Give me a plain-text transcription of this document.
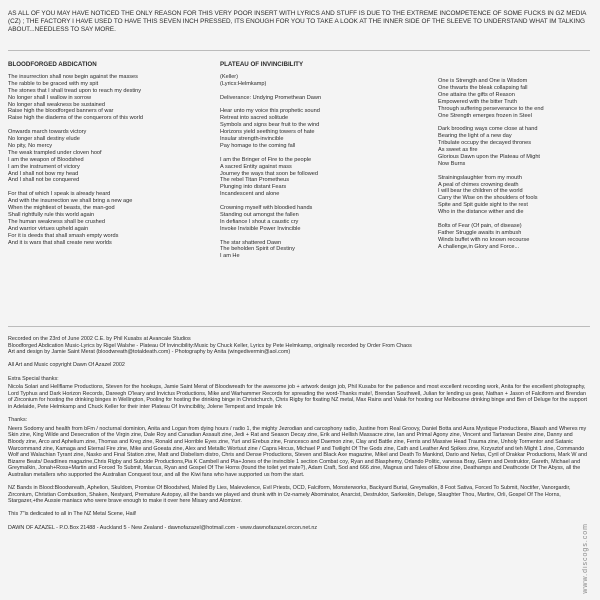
AS ALL OF YOU MAY HAVE NOTICED THE ONLY REASON FOR THIS VERY POOR INSERT WITH LYRICS AND STUFF IS DUE TO THE EXTREME INCOMPETENCE OF SOME FUCKS IN GZ MEDIA (CZ) ; THE FACTORY I HAVE USED TO HAVE THIS SEVEN INCH PRESSED, ITS ENOUGH FOR YOU TO TAKE A LOOK AT THE INNER SIDE OF THE SLEEVE TO UNDERSTAND WHAT IM TALKING ABOUT...NEEDLESS TO SAY MORE.
BLOODFORGED ABDICATION
The insurrection shall now begin against the masses
The rabble to be graced with my spit
The stones that I shall tread upon to reach my destiny
No longer shall I wallow in sorrow
No longer shall weakness be sustained
Raise high the bloodforged banners of war
Raise high the diadems of the conquerors of this world
Onwards march towards victory
No longer shall destiny elude
No pity, No mercy
The weak trampled under cloven hoof
I am the weapon of Bloodshed
I am the instrument of victory
And I shall not bow my head
And I shall not be conquered
For that of which I speak is already heard
And with the insurrection we shall bring a new age
When the mightiest of beasts, the man-god
Shall rightfully rule this world again
The human weakness shall be crushed
And warrior virtues upheld again
For it is deeds that shall smash empty words
And it is wars that shall create new worlds
PLATEAU OF INVINCIBILITY
(Keller)
(Lyrics:Helmkamp)
Deliverance: Undying Promethean Dawn
Hear unto my voice this prophetic sound
Retreat into sacred solitude
Symbols and signs bear fruit to the wind
Horizons yield seething towers of hate
Insular strength-invincible
Pay homage to the coming fall
I am the Bringer of Fire to the people
A sacred Entity against mass
Journey the ways that soon be followed
The rebel Titan Prometheus
Plunging into distant Fears
Incandescent and alone
Crowning myself with bloodied hands
Standing out amongst the fallen
In defiance I shout a caustic cry
Invoke Invisible Power Invincible
The star shattered Dawn
The beholden Spirit of Destiny
I am He
One is Strength and One is Wisdom
One thwarts the bleak collapsing fall
One attains the gifts of Reason
Empowered with the bitter Truth
Through suffering perseverance to the end
One Strength emerges frozen in Steel
Dark brooding ways come close at hand
Bearing the light of a new day
Tribulate occupy the decayed thrones
As sweet as fire
Glorious Dawn upon the Plateau of Might
Now Burns
Strainingslaughter from my mouth
A peal of chimes crowning death
I will bear the children of the world
Carry the Wise on the shoulders of fools
Spite and Spit guide sight to the rest
Who in the distance wither and die
Bolts of Fear (Of pain, of disease)
Father Struggle awaits in ambush
Winds buffet with no known recourse
A challenge,in Glory and Force...
Recorded on the 23rd of June 2002 C.E. by Phil Kusabs at Avancale Studios
Bloodforged Abdication Music-Lyrics by Rigel Walshe - Plateau Of Invincibility:Music by Chuck Keller, Lyrics by Pete Helmkamp, originally recorded by Order From Chaos
Art and design by Jamie Saint Merat (bloodwreath@totaldeath.com) - Photography by Anita (wingedivermin@aol.com)
All Art and Music copyright Dawn Of Azazel 2002
Extra Special thanks:
Nicola Solari and Hellflame Productions, Steven for the hookups, Jamie Saint Merat of Bloodwreath for the awesome job + artwork design job, Phil Kusabs for the patience and most excellent recording work, Anita for the excellent photography, Lord Typhus and Dark Horizon Records, Dareegh O'leary and Invictus Productions, Mike and Warhammer Records for spreading the word-Thanks mate!, Brendan Southwell, Julian for lending us gear, Nathan + Jason of Falciform and Brendan of Zirconium for hosting the drinking binges in Wellington, Pooling for hosting the drinking binge in Christchurch, Chris Rigby for fixating NZ metal, Max Rains and Valak for hosting our Melbourne drinking binge and Ben of Deluge for the support in Adelaide, Pete Helmkamp and Chuck Keller for their inter Plateau Of Invincibility, Jolene Tempest and Impale Ink
Thanks:
Neers Sodomy and health from bFm / nocturnal dominion, Anita and Logan from dying hours / radio 1, the mighty Jezrodian and carcophony radio, Justine from Real Groovy, Daniel Botta and Aura Mystique Productions, Blaash and Wheres my Skin zine, King Wilde and Desecration of the Virgin zine, Dale Roy and Canadian Assault zine, Jedi + Rat and Season Decay zine, Erik and Hellish Massacre zine, Ian and Primal Agony zine, Vincent and Tartarean Desire zine, Danny and Bloody zine, Arco and Aphelium zine, Thomas and Kreg zine, Ronald and Horrible Eyes zine, Yuri and Erebus zine, Francesco and Daemon zine, Clay and Battle zine, Ferris and Massive Head Trauma zine, Unholy Tormentor and Satanic Warcommand zine, Kamaga and Eternal Fire zine, Mike and Goeata zine, Alex and Metallic Wortuut zine / Capra Hircus, Michael P and Twilight Of The Gods zine, Cath and Leather And Spikes zine, Krzysztof and teh Might 1 zine, Commando Wolf and Walachian Tyrant zine, Nasko and Final Station zine, Matt and Disbelism distro, Chris and Dense Productions, Steven and Black Axe magazine, Mikel and Death To Mankind, Dario and Nefas, Cyril of Drakkar Productions, Mark W and Bizarre Beats/ Deadlines magazine,Chris Rigby and Subcide Productions,Pia K Cambell and Pia+Jones of the invincible 1 section Combat coy, Ryan and Blasphemy, Orlando Politic, vanessa Bray, Glenn and Destruktor, Gareth, Michael and Greymalkin, Jonah+Ross+Martin and Forced To Submit, Marcus, Ryan and Gospel Of The Horns (found the toilet yet mate?), Adam Craft, Sod and 666 zine, Magnus and Tales of Elbow zine, Deathamps and Deathcode Of The Abyss, all the Australian metallers who supported the Australian Conquest tour, and all the Kiwi fans who have supported us from the start.
NZ Bands in Blood:Bloodwreath, Aphelion, Skuldom, Promise Of Bloodshed, Misled By Lies, Malevolence, Evil Priests, OCD, Falciform, Monsterworks, Backyard Burial, Greymalkin, 8 Foot Sativa, Forced To Submit, Noctifer, Vanorgardir, Zirconium, Christian Combustion, Shaken, Nestyard, Premature Autopsy, all the bands we played and drunk with in Oz-namely Abominator, Anarcist, Destruktor, Sarkeskin, Deluge, Slaughter Thou, Martire, Orli, Gospel Of The Horns, Stargazer,+the Aussie maniacs who were brave enough to make it over here Misary and Atomizer.
This 7"is dedicated to all in The NZ Metal Scene, Hail!
DAWN OF AZAZEL - P.O.Box 21488 - Auckland 5 - New Zealand - dawnofazazel@hotmail.com - www.dawnofazazel.orcon.net.nz	www.discogs.com
